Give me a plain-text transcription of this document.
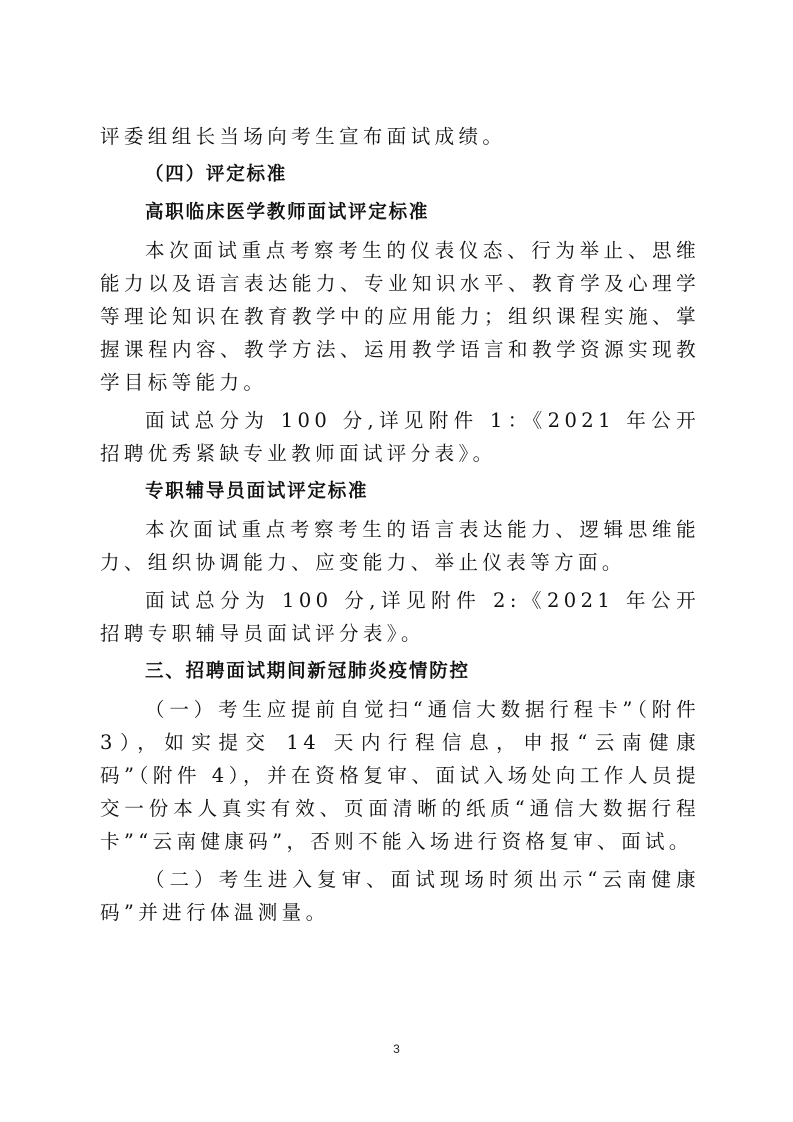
评委组组长当场向考生宣布面试成绩。

（四）评定标准
高职临床医学教师面试评定标准

本次面试重点考察考生的仪表仪态、行为举止、思维能力以及语言表达能力、专业知识水平、教育学及心理学等理论知识在教育教学中的应用能力；组织课程实施、掌握课程内容、教学方法、运用教学语言和教学资源实现教学目标等能力。

面试总分为 100 分,详见附件 1：《2021 年公开招聘优秀紧缺专业教师面试评分表》。

专职辅导员面试评定标准

本次面试重点考察考生的语言表达能力、逻辑思维能力、组织协调能力、应变能力、举止仪表等方面。

面试总分为 100 分,详见附件 2:《2021 年公开招聘专职辅导员面试评分表》。

三、招聘面试期间新冠肺炎疫情防控

（一）考生应提前自觉扫“通信大数据行程卡”（附件 3），如实提交 14 天内行程信息，申报“云南健康码”（附件 4），并在资格复审、面试入场处向工作人员提交一份本人真实有效、页面清晰的纸质“通信大数据行程卡”“云南健康码”，否则不能入场进行资格复审、面试。

（二）考生进入复审、面试现场时须出示“云南健康码”并进行体温测量。

3
